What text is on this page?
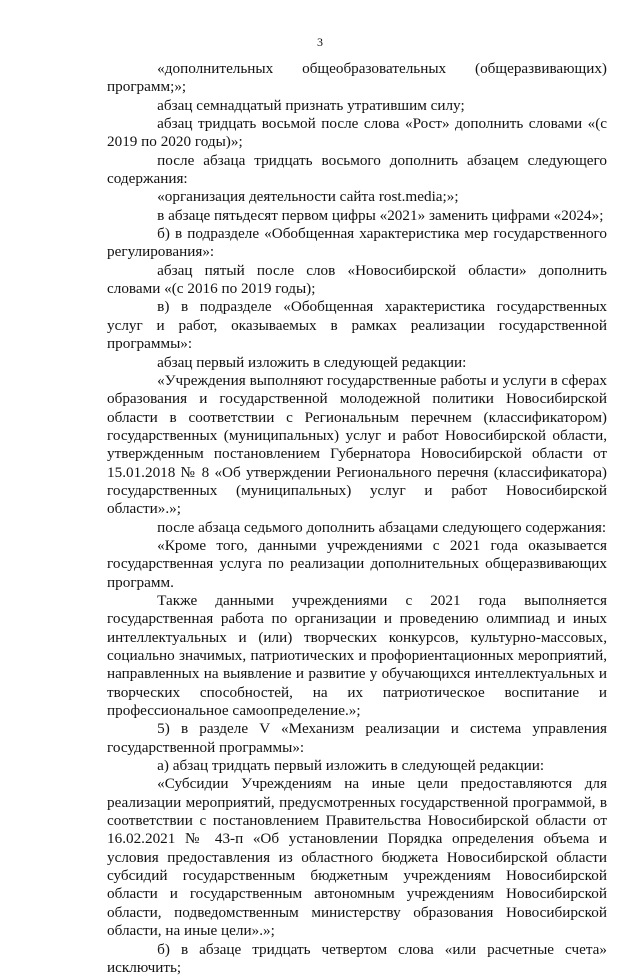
3

«дополнительных общеобразовательных (общеразвивающих) программ;»;

абзац семнадцатый признать утратившим силу;

абзац тридцать восьмой после слова «Рост» дополнить словами «(с 2019 по 2020 годы)»;

после абзаца тридцать восьмого дополнить абзацем следующего содержания:

«организация деятельности сайта rost.media;»;

в абзаце пятьдесят первом цифры «2021» заменить цифрами «2024»;

б) в подразделе «Обобщенная характеристика мер государственного регулирования»:

абзац пятый после слов «Новосибирской области» дополнить словами «(с 2016 по 2019 годы);

в) в подразделе «Обобщенная характеристика государственных услуг и работ, оказываемых в рамках реализации государственной программы»:

абзац первый изложить в следующей редакции:

«Учреждения выполняют государственные работы и услуги в сферах образования и государственной молодежной политики Новосибирской области в соответствии с Региональным перечнем (классификатором) государственных (муниципальных) услуг и работ Новосибирской области, утвержденным постановлением Губернатора Новосибирской области от 15.01.2018 № 8 «Об утверждении Регионального перечня (классификатора) государственных (муниципальных) услуг и работ Новосибирской области».»;

после абзаца седьмого дополнить абзацами следующего содержания:

«Кроме того, данными учреждениями с 2021 года оказывается государственная услуга по реализации дополнительных общеразвивающих программ.

Также данными учреждениями с 2021 года выполняется государственная работа по организации и проведению олимпиад и иных интеллектуальных и (или) творческих конкурсов, культурно-массовых, социально значимых, патриотических и профориентационных мероприятий, направленных на выявление и развитие у обучающихся интеллектуальных и творческих способностей, на их патриотическое воспитание и профессиональное самоопределение.»;

5) в разделе V «Механизм реализации и система управления государственной программы»:

а) абзац тридцать первый изложить в следующей редакции:

«Субсидии Учреждениям на иные цели предоставляются для реализации мероприятий, предусмотренных государственной программой, в соответствии с постановлением Правительства Новосибирской области от 16.02.2021 № 43-п «Об установлении Порядка определения объема и условия предоставления из областного бюджета Новосибирской области субсидий государственным бюджетным учреждениям Новосибирской области и государственным автономным учреждениям Новосибирской области, подведомственным министерству образования Новосибирской области, на иные цели».»;

б) в абзаце тридцать четвертом слова «или расчетные счета» исключить;
